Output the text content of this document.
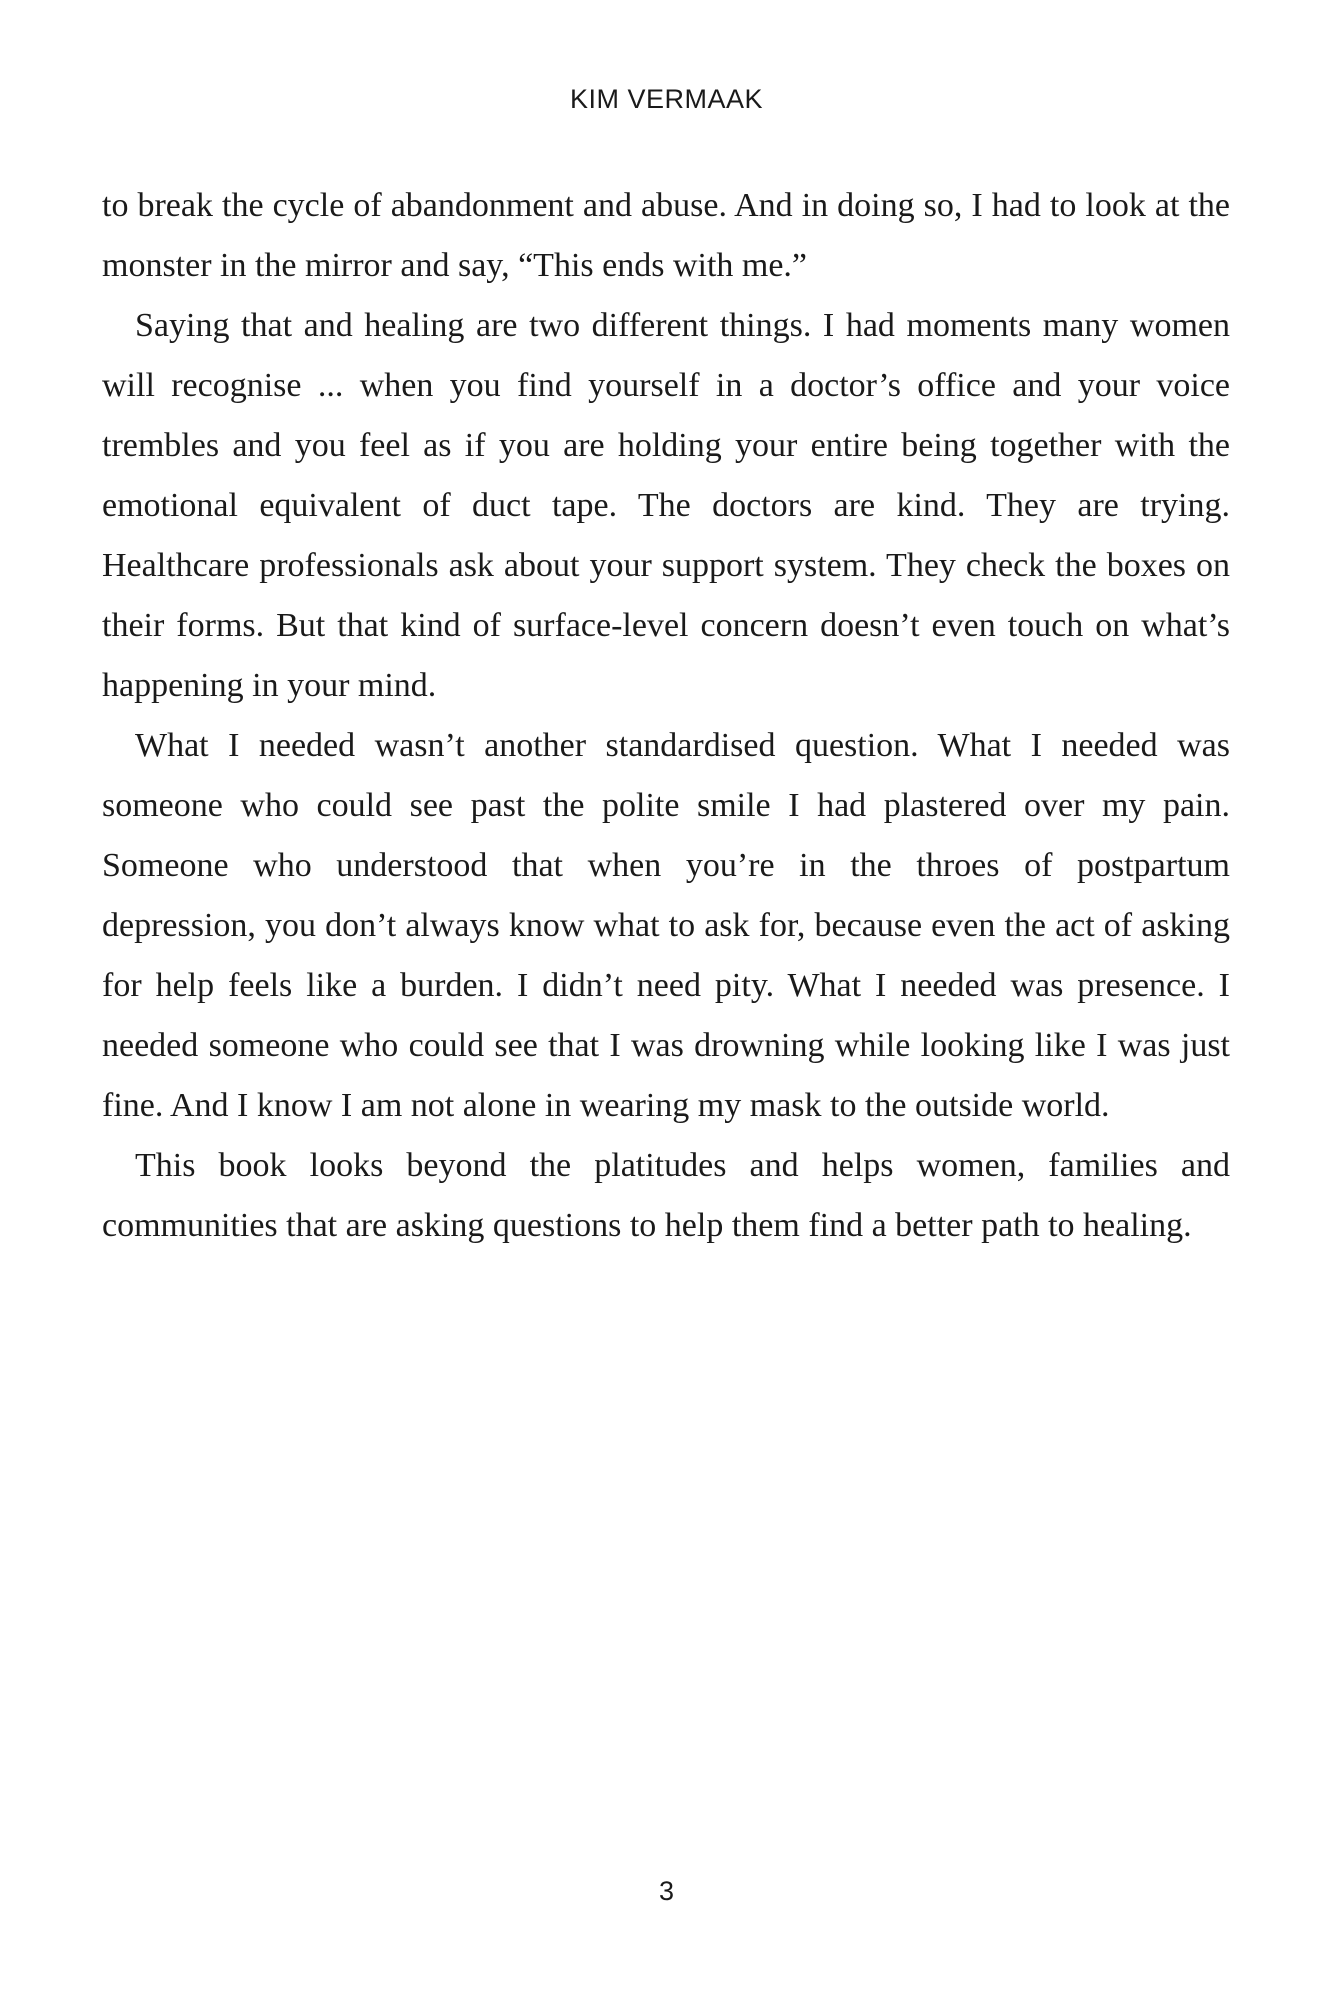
KIM VERMAAK

to break the cycle of abandonment and abuse. And in doing so, I had to look at the monster in the mirror and say, “This ends with me.”

Saying that and healing are two different things. I had moments many women will recognise ... when you find yourself in a doctor’s office and your voice trembles and you feel as if you are holding your entire being together with the emotional equivalent of duct tape. The doctors are kind. They are trying. Healthcare professionals ask about your support system. They check the boxes on their forms. But that kind of surface-level concern doesn’t even touch on what’s happening in your mind.

What I needed wasn’t another standardised question. What I needed was someone who could see past the polite smile I had plastered over my pain. Someone who understood that when you’re in the throes of postpartum depression, you don’t always know what to ask for, because even the act of asking for help feels like a burden. I didn’t need pity. What I needed was presence. I needed someone who could see that I was drowning while looking like I was just fine. And I know I am not alone in wearing my mask to the outside world.

This book looks beyond the platitudes and helps women, families and communities that are asking questions to help them find a better path to healing.

3
